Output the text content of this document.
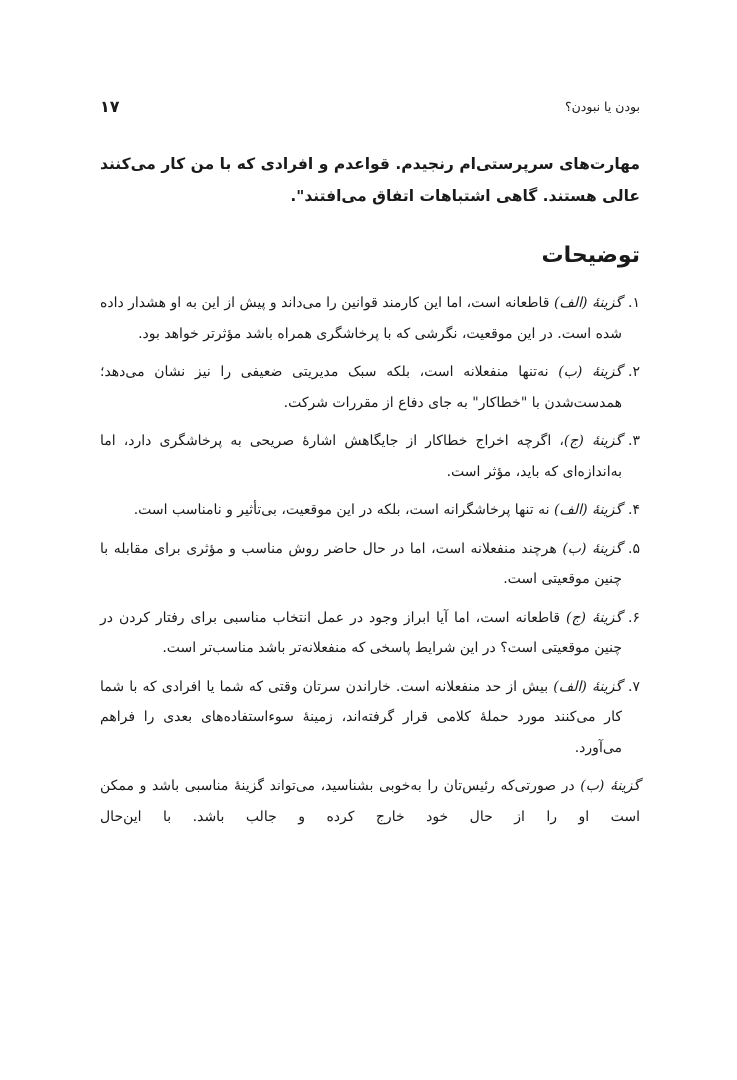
۱۷	بودن یا نبودن؟
مهارت‌های سرپرستی‌ام رنجیدم. قواعدم و افرادی که با من کار می‌کنند عالی هستند. گاهی اشتباهات اتفاق می‌افتند".
توضیحات
۱.
گزینهٔ (الف) قاطعانه است، اما این کارمند قوانین را می‌داند و پیش از این به او هشدار داده شده است. در این موقعیت، نگرشی که با پرخاشگری همراه باشد مؤثرتر خواهد بود.
۲.
گزینهٔ (ب) نه‌تنها منفعلانه است، بلکه سبک مدیریتی ضعیفی را نیز نشان می‌دهد؛ همدست‌شدن با "خطاکار" به جای دفاع از مقررات شرکت.
۳.
گزینهٔ (ج)، اگرچه اخراج خطاکار از جایگاهش اشارهٔ صریحی به پرخاشگری دارد، اما به‌اندازه‌ای که باید، مؤثر است.
۴.
گزینهٔ (الف) نه تنها پرخاشگرانه است، بلکه در این موقعیت، بی‌تأثیر و نامناسب است.
۵.
گزینهٔ (ب) هرچند منفعلانه است، اما در حال حاضر روش مناسب و مؤثری برای مقابله با چنین موقعیتی است.
۶.
گزینهٔ (ج) قاطعانه است، اما آیا ابراز وجود در عمل انتخاب مناسبی برای رفتار کردن در چنین موقعیتی است؟ در این شرایط پاسخی که منفعلانه‌تر باشد مناسب‌تر است.
۷.
گزینهٔ (الف) بیش از حد منفعلانه است. خاراندن سرتان وقتی که شما یا افرادی که با شما کار می‌کنند مورد حملهٔ کلامی قرار گرفته‌اند، زمینهٔ سوءاستفاده‌های بعدی را فراهم می‌آورد.
گزینهٔ (ب) در صورتی‌که رئیس‌تان را به‌خوبی بشناسید، می‌تواند گزینهٔ مناسبی باشد و ممکن است او را از حال خود خارج کرده و جالب باشد. با این‌حال
